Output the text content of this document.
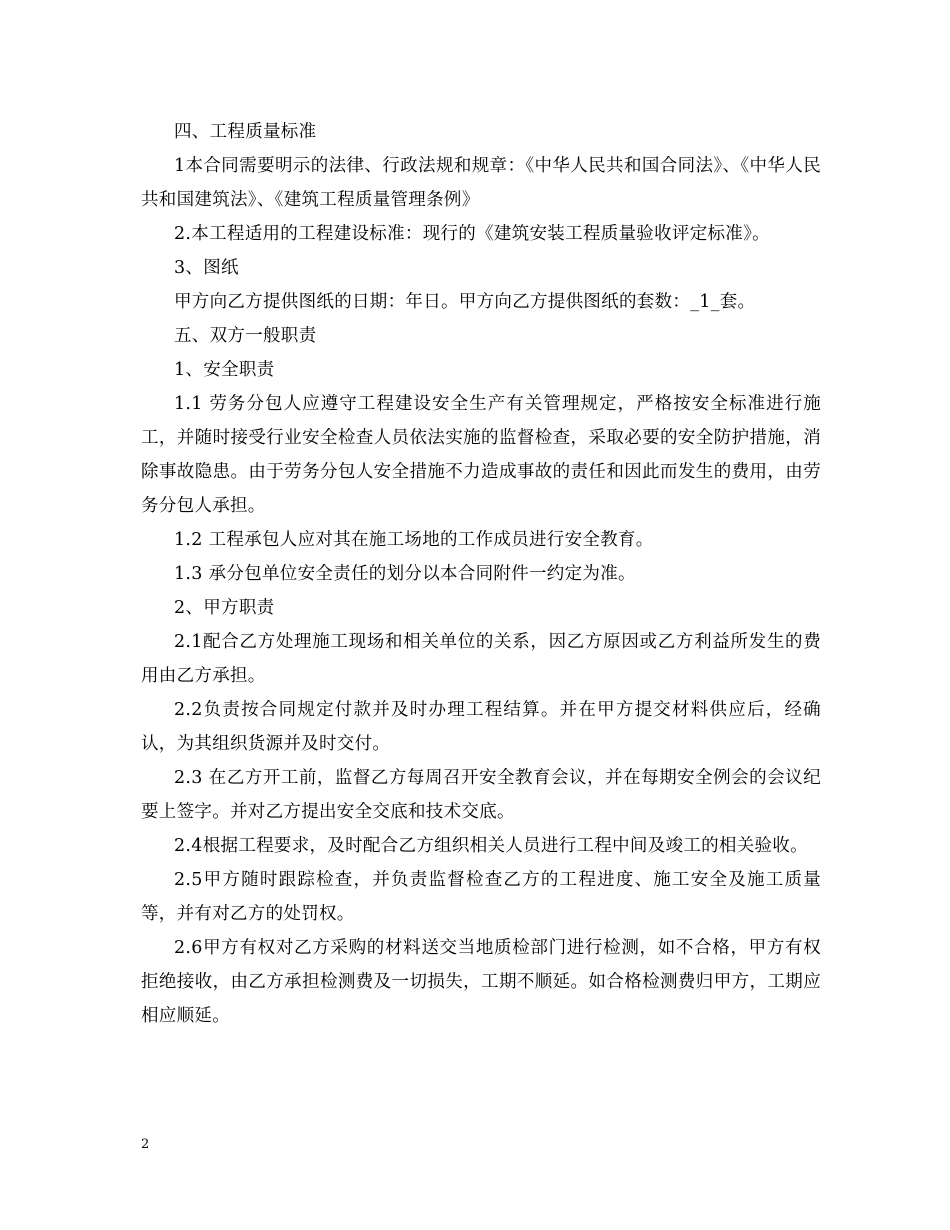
四、工程质量标准

1本合同需要明示的法律、行政法规和规章：《中华人民共和国合同法》、《中华人民共和国建筑法》、《建筑工程质量管理条例》

2.本工程适用的工程建设标准：现行的《建筑安装工程质量验收评定标准》。

3、图纸

甲方向乙方提供图纸的日期：年日。甲方向乙方提供图纸的套数：_1_套。

五、双方一般职责

1、安全职责

1.1 劳务分包人应遵守工程建设安全生产有关管理规定，严格按安全标准进行施工，并随时接受行业安全检查人员依法实施的监督检查，采取必要的安全防护措施，消除事故隐患。由于劳务分包人安全措施不力造成事故的责任和因此而发生的费用，由劳务分包人承担。

1.2 工程承包人应对其在施工场地的工作成员进行安全教育。

1.3 承分包单位安全责任的划分以本合同附件一约定为准。

2、甲方职责

2.1配合乙方处理施工现场和相关单位的关系，因乙方原因或乙方利益所发生的费用由乙方承担。

2.2负责按合同规定付款并及时办理工程结算。并在甲方提交材料供应后，经确认，为其组织货源并及时交付。

2.3 在乙方开工前，监督乙方每周召开安全教育会议，并在每期安全例会的会议纪要上签字。并对乙方提出安全交底和技术交底。

2.4根据工程要求，及时配合乙方组织相关人员进行工程中间及竣工的相关验收。

2.5甲方随时跟踪检查，并负责监督检查乙方的工程进度、施工安全及施工质量等，并有对乙方的处罚权。

2.6甲方有权对乙方采购的材料送交当地质检部门进行检测，如不合格，甲方有权拒绝接收，由乙方承担检测费及一切损失，工期不顺延。如合格检测费归甲方，工期应相应顺延。

2
